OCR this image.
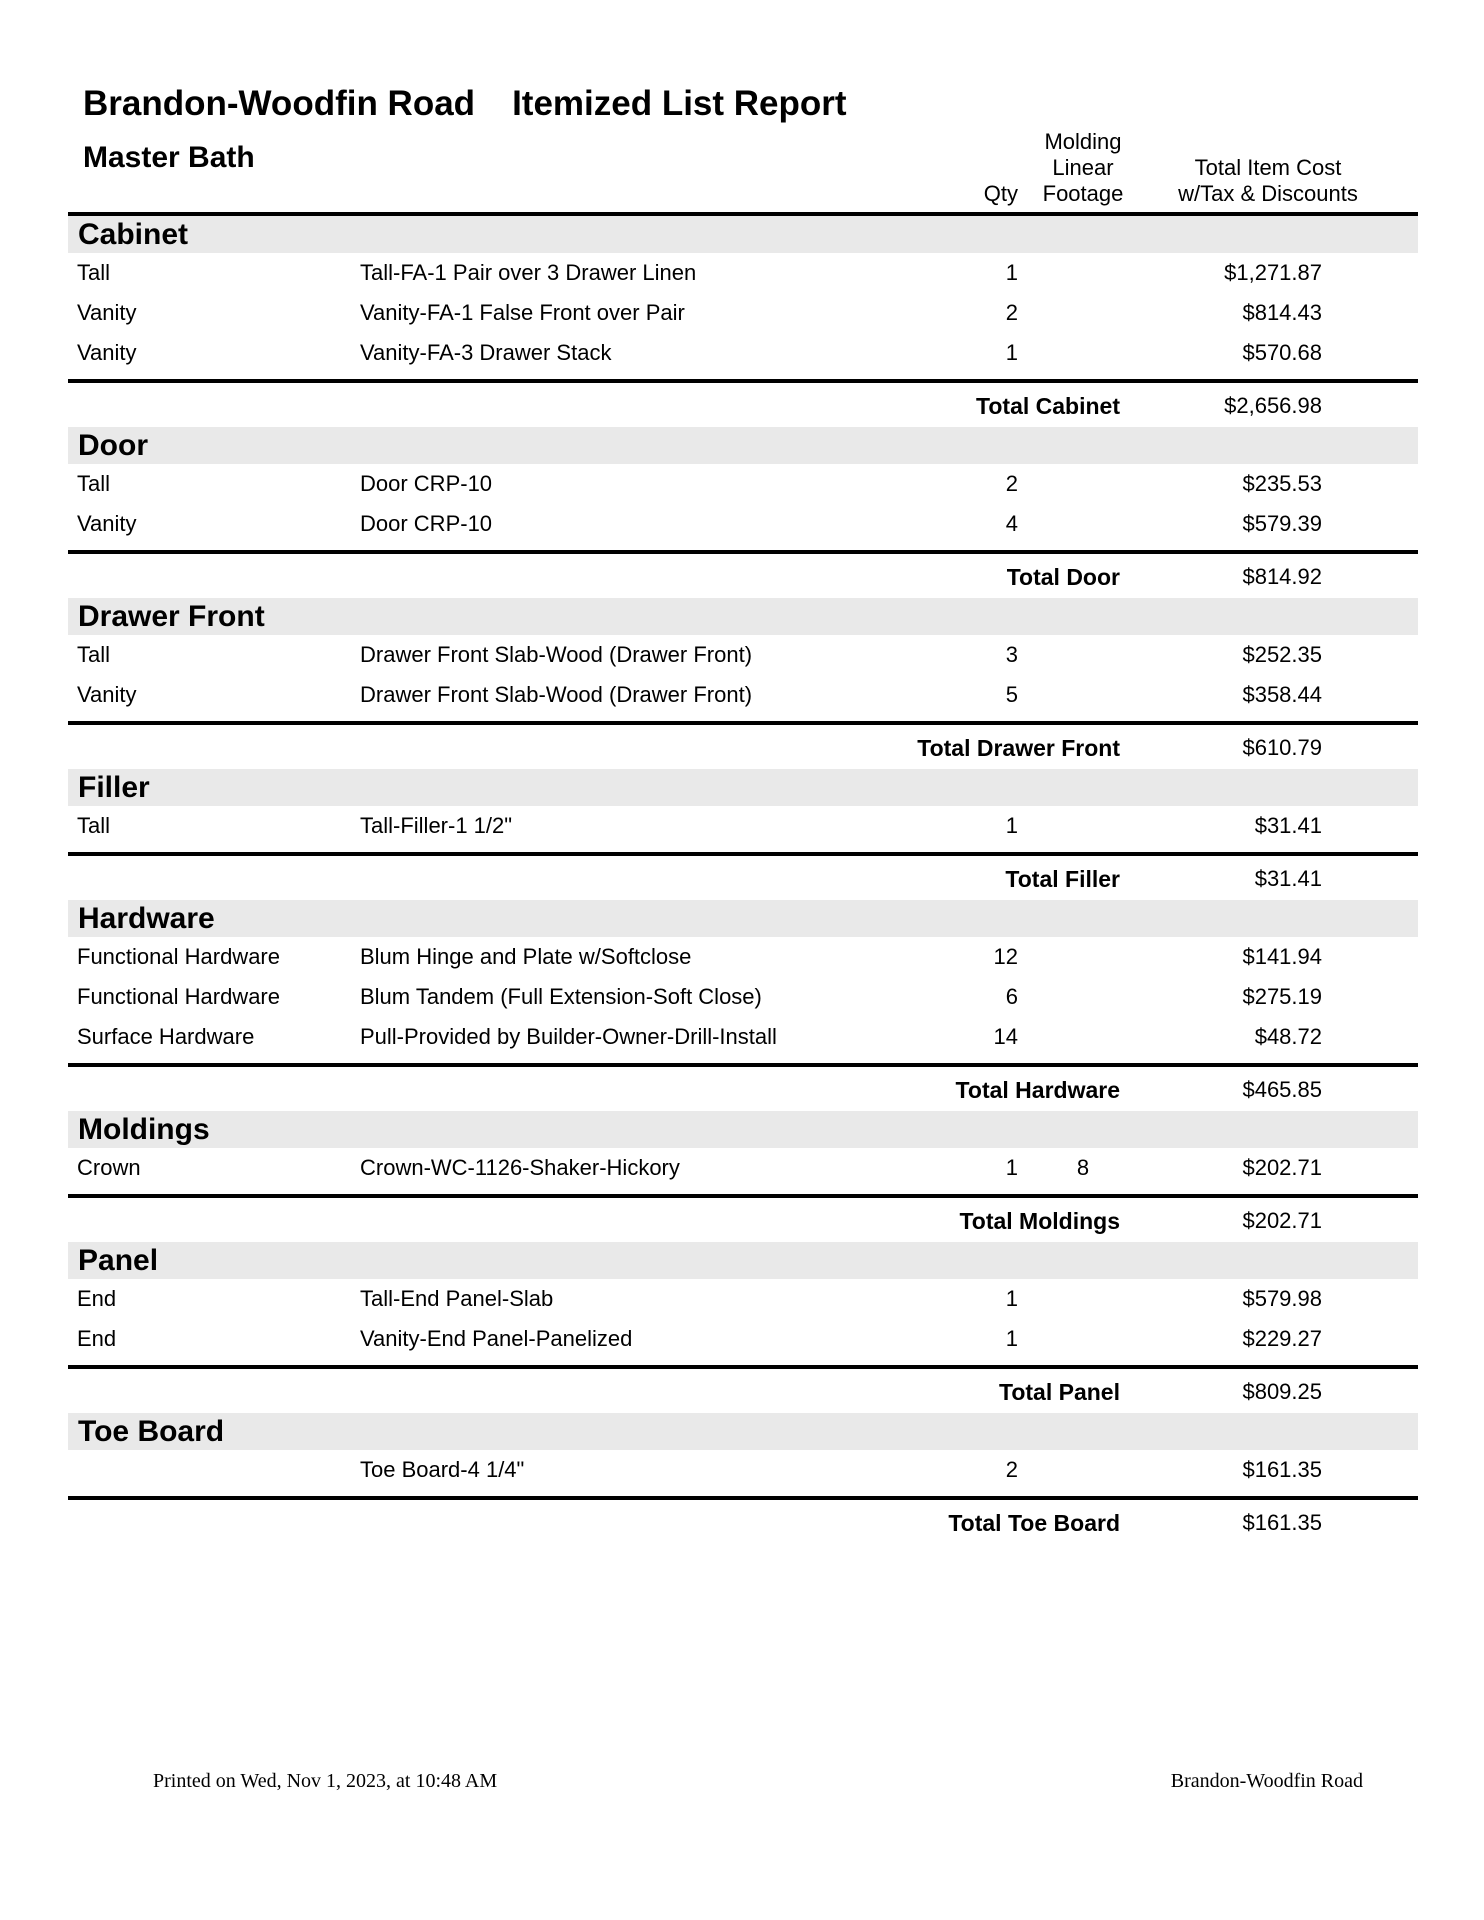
Brandon-Woodfin Road Itemized List Report
Master Bath
Qty
Molding
Linear
Footage
Total Item Cost
w/Tax & Discounts
Cabinet
Tall	Tall-FA-1 Pair over 3 Drawer Linen	1	$1,271.87
Vanity	Vanity-FA-1 False Front over Pair	2	$814.43
Vanity	Vanity-FA-3 Drawer Stack	1	$570.68
Total Cabinet	$2,656.98
Door
Tall	Door CRP-10	2	$235.53
Vanity	Door CRP-10	4	$579.39
Total Door	$814.92
Drawer Front
Tall	Drawer Front Slab-Wood (Drawer Front)	3	$252.35
Vanity	Drawer Front Slab-Wood (Drawer Front)	5	$358.44
Total Drawer Front	$610.79
Filler
Tall	Tall-Filler-1 1/2"	1	$31.41
Total Filler	$31.41
Hardware
Functional Hardware	Blum Hinge and Plate w/Softclose	12	$141.94
Functional Hardware	Blum Tandem (Full Extension-Soft Close)	6	$275.19
Surface Hardware	Pull-Provided by Builder-Owner-Drill-Install	14	$48.72
Total Hardware	$465.85
Moldings
Crown	Crown-WC-1126-Shaker-Hickory	1	8	$202.71
Total Moldings	$202.71
Panel
End	Tall-End Panel-Slab	1	$579.98
End	Vanity-End Panel-Panelized	1	$229.27
Total Panel	$809.25
Toe Board
Toe Board-4 1/4"	2	$161.35
Total Toe Board	$161.35
Printed on Wed, Nov 1, 2023, at 10:48 AM	Brandon-Woodfin Road
